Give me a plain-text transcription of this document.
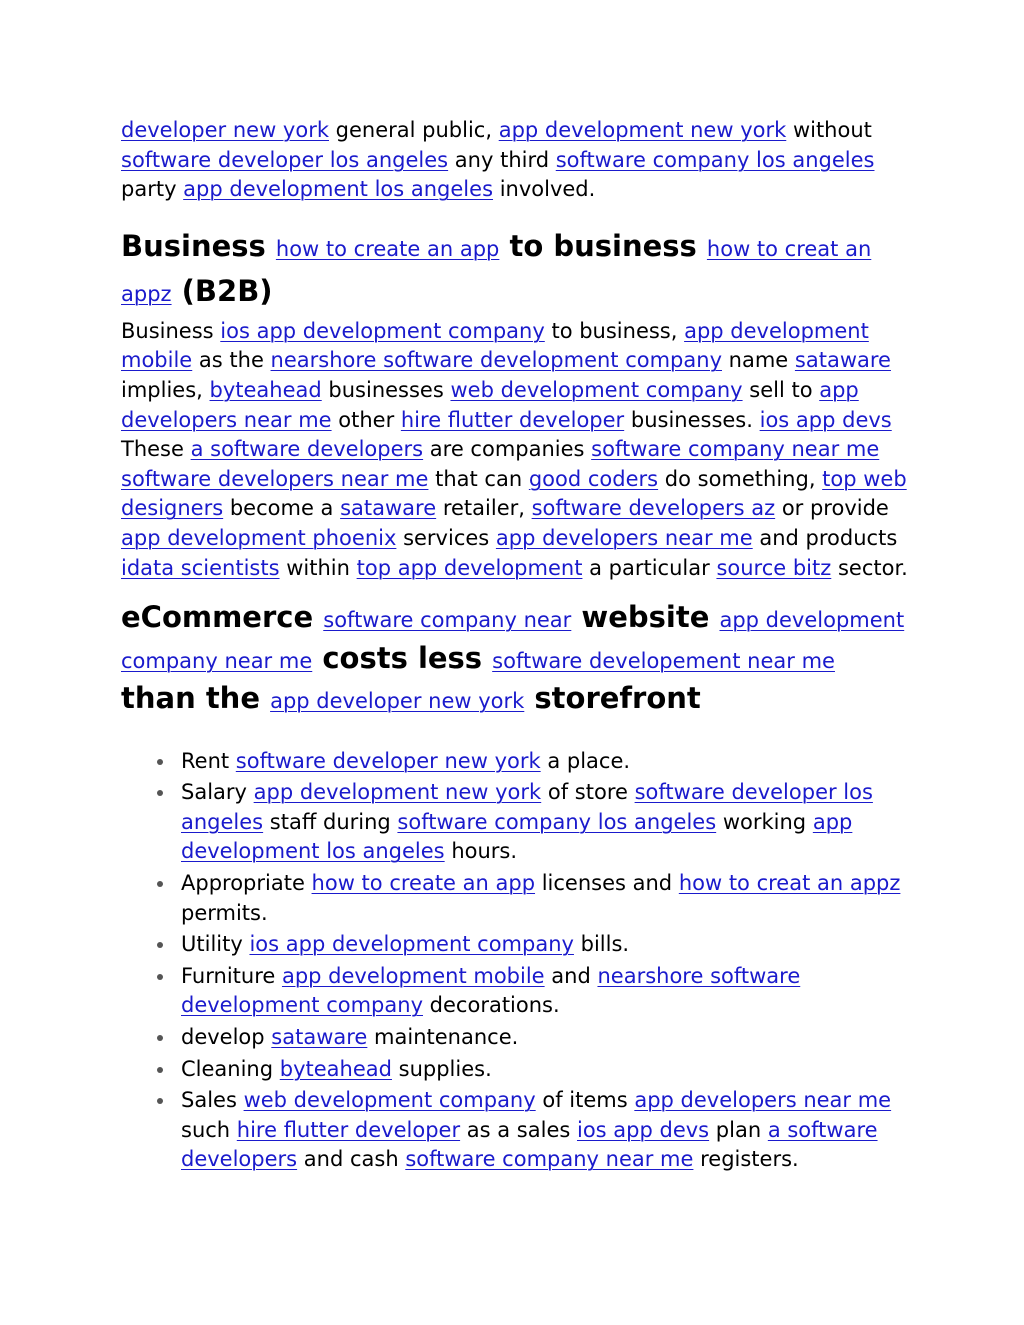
developer new york general public, app development new york without software developer los angeles any third software company los angeles party app development los angeles involved.

Business how to create an app to business how to creat an appz (B2B)

Business ios app development company to business, app development mobile as the nearshore software development company name sataware implies, byteahead businesses web development company sell to app developers near me other hire flutter developer businesses. ios app devs These a software developers are companies software company near me software developers near me that can good coders do something, top web designers become a sataware retailer, software developers az or provide app development phoenix services app developers near me and products idata scientists within top app development a particular source bitz sector.

eCommerce software company near website app development company near me costs less software developement near me than the app developer new york storefront
Rent software developer new york a place.
Salary app development new york of store software developer los angeles staff during software company los angeles working app development los angeles hours.
Appropriate how to create an app licenses and how to creat an appz permits.
Utility ios app development company bills.
Furniture app development mobile and nearshore software development company decorations.
develop sataware maintenance.
Cleaning byteahead supplies.
Sales web development company of items app developers near me such hire flutter developer as a sales ios app devs plan a software developers and cash software company near me registers.
